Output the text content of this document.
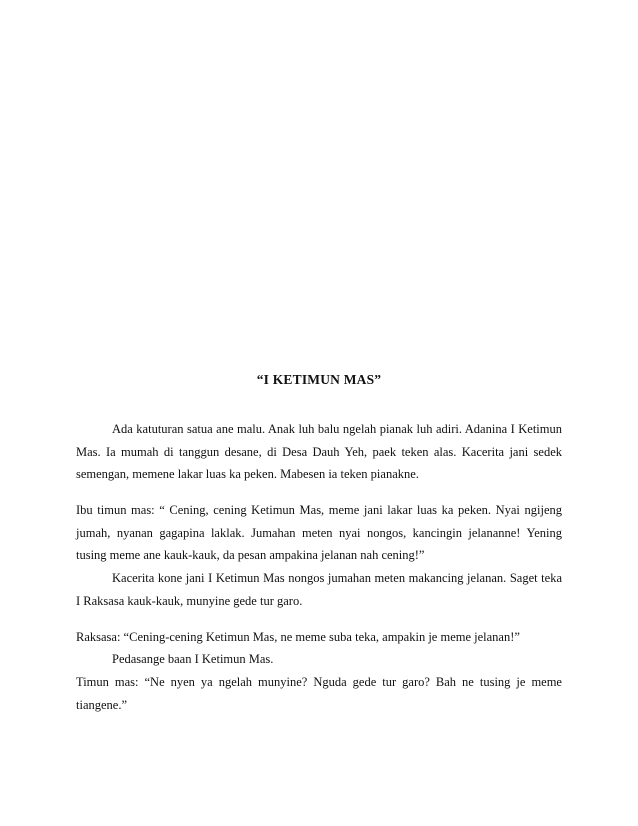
“I KETIMUN MAS”

Ada katuturan satua ane malu. Anak luh balu ngelah pianak luh adiri. Adanina I Ketimun Mas. Ia mumah di tanggun desane, di Desa Dauh Yeh, paek teken alas. Kacerita jani sedek semengan, memene lakar luas ka peken. Mabesen ia teken pianakne.

Ibu timun mas: “ Cening, cening Ketimun Mas, meme jani lakar luas ka peken. Nyai ngijeng jumah, nyanan gagapina laklak. Jumahan meten nyai nongos, kancingin jelananne! Yening tusing meme ane kauk-kauk, da pesan ampakina jelanan nah cening!”

Kacerita kone jani I Ketimun Mas nongos jumahan meten makancing jelanan. Saget teka I Raksasa kauk-kauk, munyine gede tur garo.

Raksasa: “Cening-cening Ketimun Mas, ne meme suba teka, ampakin je meme jelanan!”

Pedasange baan I Ketimun Mas.

Timun mas: “Ne nyen ya ngelah munyine? Nguda gede tur garo? Bah ne tusing je meme tiangene.”
